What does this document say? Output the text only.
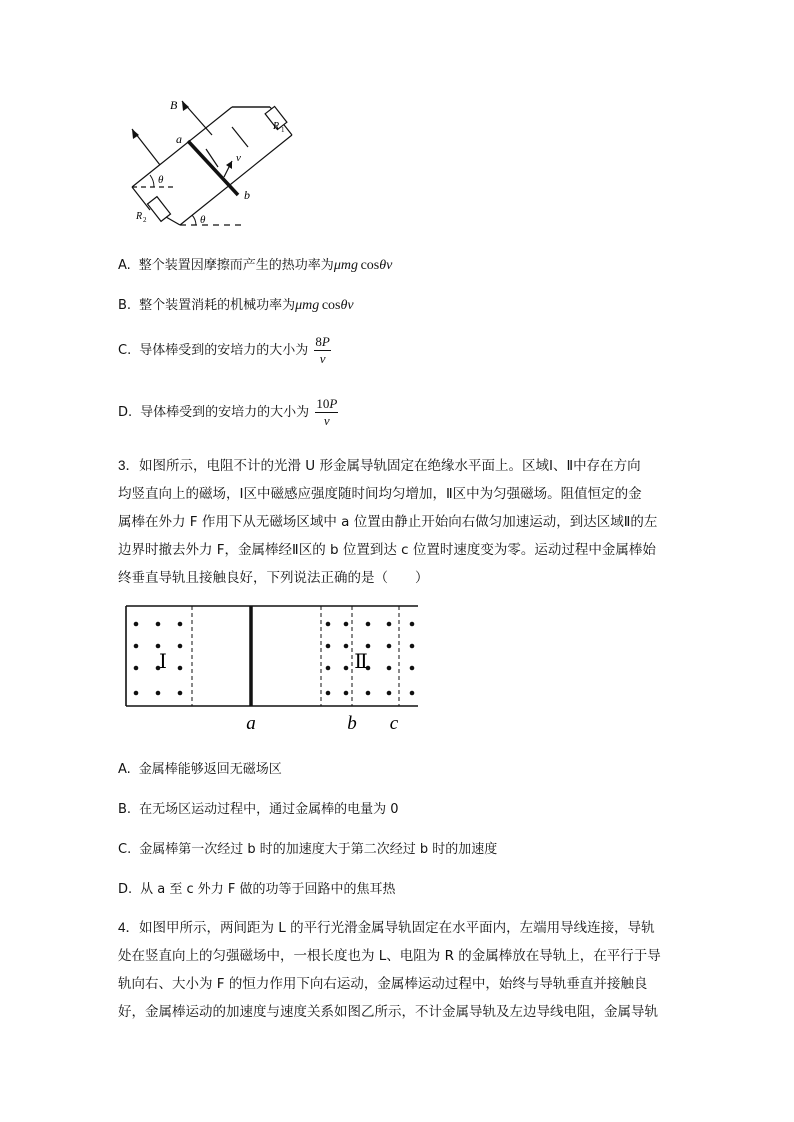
B
a
b
v
R 1
R 2
θ
θ
A. 整个装置因摩擦而产生的热功率为μmg  cosθv
B. 整个装置消耗的机械功率为μmg  cosθv
C. 导体棒受到的安培力的大小为 $\frac{8P}{v}$
D. 导体棒受到的安培力的大小为 $\frac{10P}{v}$
3．如图所示，电阻不计的光滑 U 形金属导轨固定在绝缘水平面上。区域Ⅰ、Ⅱ中存在方向
均竖直向上的磁场，Ⅰ区中磁感应强度随时间均匀增加，Ⅱ区中为匀强磁场。阻值恒定的金
属棒在外力 F 作用下从无磁场区域中 a 位置由静止开始向右做匀加速运动，到达区域Ⅱ的左
边界时撤去外力 F，金属棒经Ⅱ区的 b 位置到达 c 位置时速度变为零。运动过程中金属棒始
终垂直导轨且接触良好，下列说法正确的是（　　）
Ⅰ	Ⅱ
a	b c
A. 金属棒能够返回无磁场区
B. 在无场区运动过程中，通过金属棒的电量为 0
C. 金属棒第一次经过 b 时的加速度大于第二次经过 b 时的加速度
D. 从 a 至 c 外力 F 做的功等于回路中的焦耳热
4．如图甲所示，两间距为 L 的平行光滑金属导轨固定在水平面内，左端用导线连接，导轨
处在竖直向上的匀强磁场中，一根长度也为 L、电阻为 R 的金属棒放在导轨上，在平行于导
轨向右、大小为 F 的恒力作用下向右运动，金属棒运动过程中，始终与导轨垂直并接触良
好，金属棒运动的加速度与速度关系如图乙所示，不计金属导轨及左边导线电阻，金属导轨
